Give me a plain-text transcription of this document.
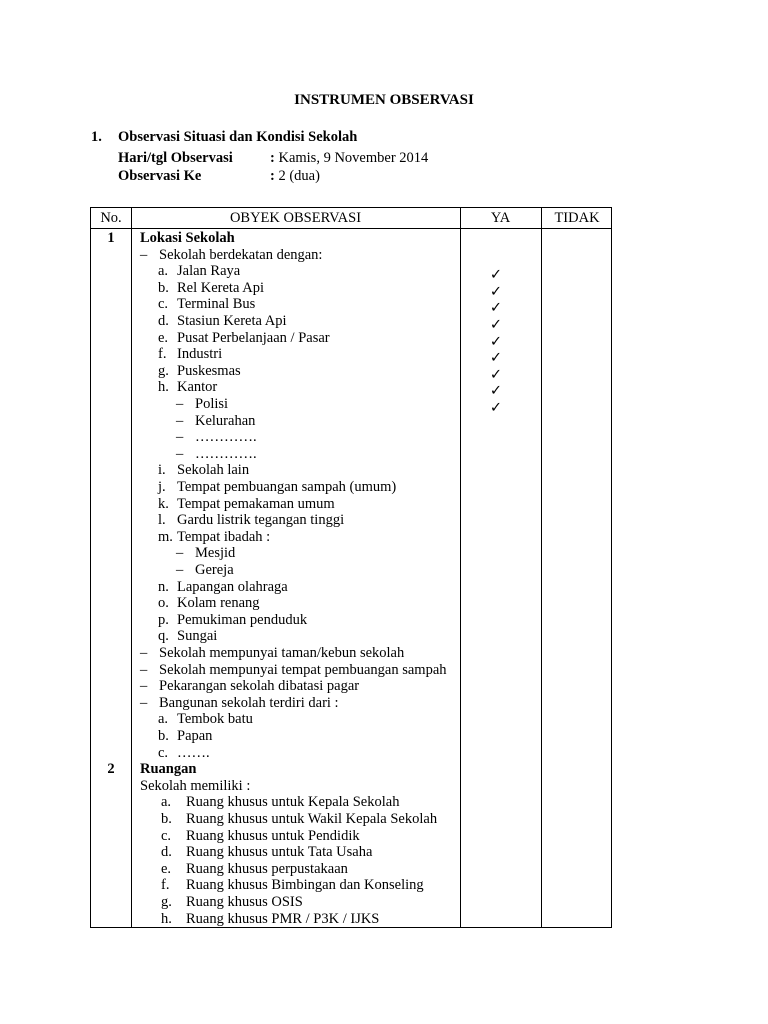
INSTRUMEN OBSERVASI
1. Observasi Situasi dan Kondisi Sekolah
Hari/tgl Observasi	: Kamis, 9 November 2014
Observasi Ke	: 2 (dua)
No.	OBYEK OBSERVASI	YA	TIDAK
1	Lokasi Sekolah
– Sekolah berdekatan dengan:
a. Jalan Raya	✓
b. Rel Kereta Api	✓
c. Terminal Bus	✓
d. Stasiun Kereta Api	✓
e. Pusat Perbelanjaan / Pasar	✓
f. Industri	✓
g. Puskesmas	✓
h. Kantor	✓
– Polisi	✓
– Kelurahan
– ………….
– ………….
i. Sekolah lain
j. Tempat pembuangan sampah (umum)
k. Tempat pemakaman umum
l. Gardu listrik tegangan tinggi
m. Tempat ibadah :
– Mesjid
– Gereja
n. Lapangan olahraga
o. Kolam renang
p. Pemukiman penduduk
q. Sungai
– Sekolah mempunyai taman/kebun sekolah
– Sekolah mempunyai tempat pembuangan sampah
– Pekarangan sekolah dibatasi pagar
– Bangunan sekolah terdiri dari :
a. Tembok batu
b. Papan
c. …….
2	Ruangan
Sekolah memiliki :
a. Ruang khusus untuk Kepala Sekolah
b. Ruang khusus untuk Wakil Kepala Sekolah
c. Ruang khusus untuk Pendidik
d. Ruang khusus untuk Tata Usaha
e. Ruang khusus perpustakaan
f. Ruang khusus Bimbingan dan Konseling
g. Ruang khusus OSIS
h. Ruang khusus PMR / P3K / IJKS
